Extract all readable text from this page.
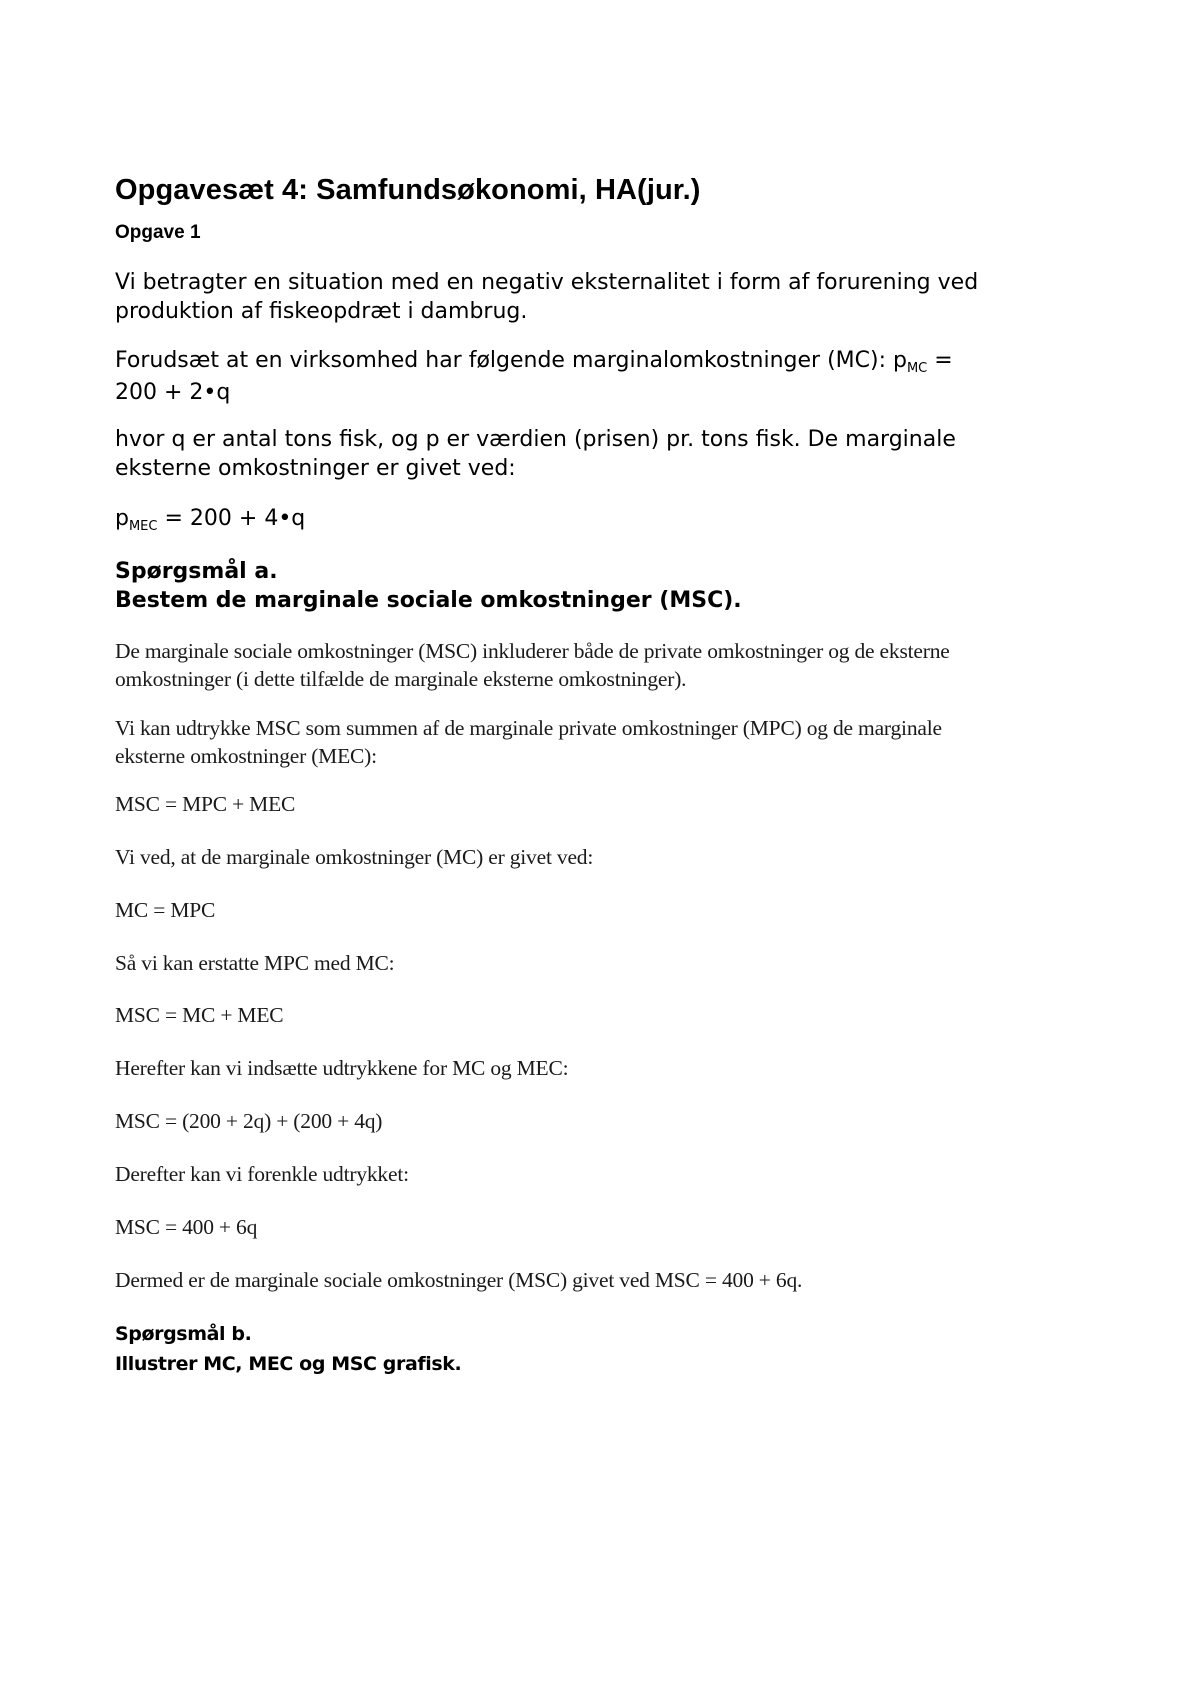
Opgavesæt 4: Samfundsøkonomi, HA(jur.)
Opgave 1

Vi betragter en situation med en negativ eksternalitet i form af forurening ved
produktion af fiskeopdræt i dambrug.

Forudsæt at en virksomhed har følgende marginalomkostninger (MC): $p_{MC}$ =
200 + 2•q

hvor q er antal tons fisk, og p er værdien (prisen) pr. tons fisk. De marginale
eksterne omkostninger er givet ved:

$p_{MEC} = 200$ + 4•q

Spørgsmål a.
Bestem de marginale sociale omkostninger (MSC).

De marginale sociale omkostninger (MSC) inkluderer både de private omkostninger og de eksterne
omkostninger (i dette tilfælde de marginale eksterne omkostninger).

Vi kan udtrykke MSC som summen af de marginale private omkostninger (MPC) og de marginale
eksterne omkostninger (MEC):

MSC = MPC + MEC

Vi ved, at de marginale omkostninger (MC) er givet ved:

MC = MPC

Så vi kan erstatte MPC med MC:

MSC = MC + MEC

Herefter kan vi indsætte udtrykkene for MC og MEC:

MSC = (200 + 2q) + (200 + 4q)

Derefter kan vi forenkle udtrykket:

MSC = 400 + 6q

Dermed er de marginale sociale omkostninger (MSC) givet ved MSC = 400 + 6q.

Spørgsmål b.
Illustrer MC, MEC og MSC grafisk.
